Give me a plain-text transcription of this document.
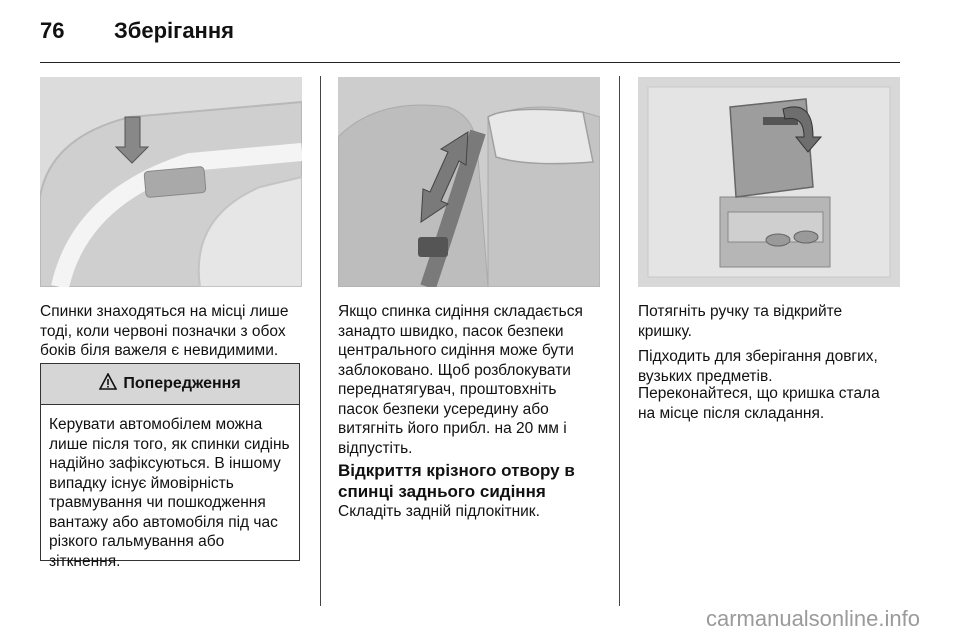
76 Зберігання

Спинки знаходяться на місці лише тоді, коли червоні позначки з обох боків біля важеля є невидимими.

Попередження

Керувати автомобілем можна лише після того, як спинки сидінь надійно зафіксуються. В іншому випадку існує ймовірність травмування чи пошкодження вантажу або автомобіля під час різкого гальмування або зіткнення.

Якщо спинка сидіння складається занадто швидко, пасок безпеки центрального сидіння може бути заблоковано. Щоб розблокувати переднатягувач, проштовхніть пасок безпеки усередину або витягніть його прибл. на 20 мм і відпустіть.

Відкриття крізного отвору в спинці заднього сидіння

Складіть задній підлокітник.

Потягніть ручку та відкрийте кришку.

Підходить для зберігання довгих, вузьких предметів.

Переконайтеся, що кришка стала на місце після складання.

carmanualsonline.info
